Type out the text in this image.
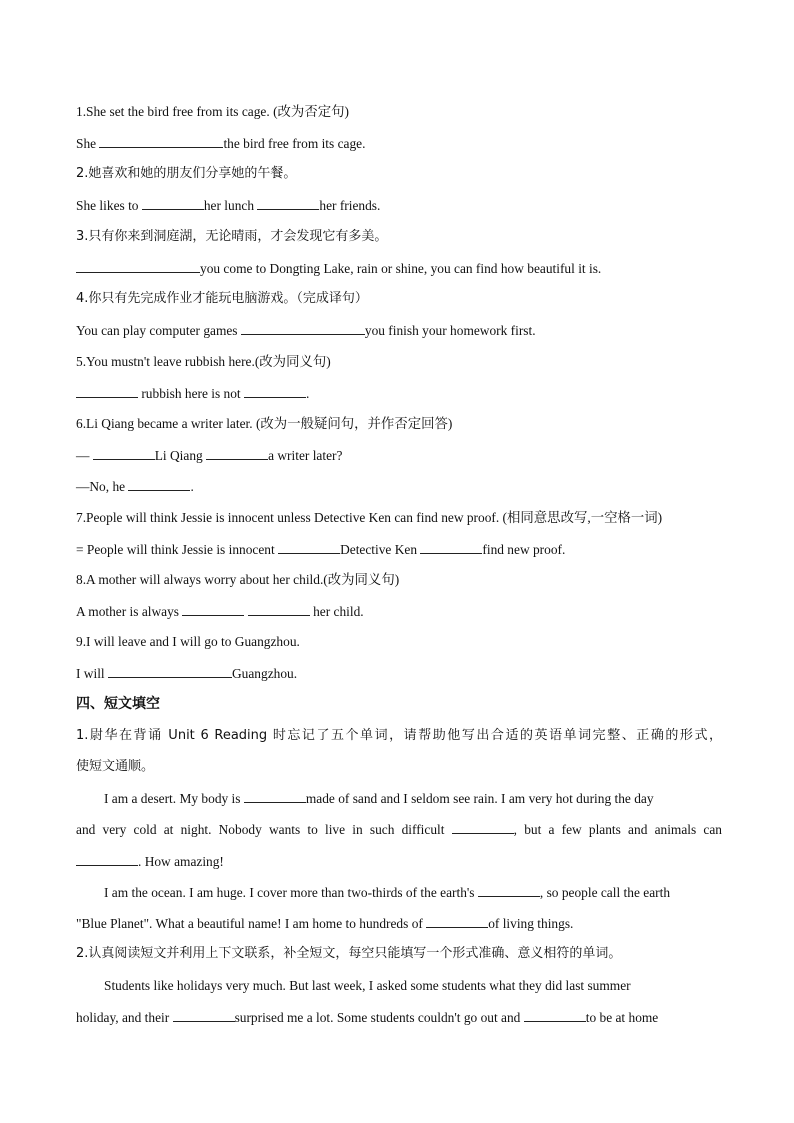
1.She set the bird free from its cage. (改为否定句)
She	the bird free from its cage.
2.她喜欢和她的朋友们分享她的午餐。
She likes to	her lunch	her friends.
3.只有你来到洞庭湖，无论晴雨，才会发现它有多美。
you come to Dongting Lake, rain or shine, you can find how beautiful it is.
4.你只有先完成作业才能玩电脑游戏。（完成译句）
You can play computer games	you finish your homework first.
5.You mustn't leave rubbish here.(改为同义句)
rubbish here is not	.
6.Li Qiang became a writer later. (改为一般疑问句，并作否定回答)
—	Li Qiang	a writer later?
—No, he	.
7.People will think Jessie is innocent unless Detective Ken can find new proof. (相同意思改写,一空格一词)
= People will think Jessie is innocent	Detective Ken	find new proof.
8.A mother will always worry about her child.(改为同义句)
A mother is always	her child.
9.I will leave and I will go to Guangzhou.
I will	Guangzhou.
四、短文填空
1.尉华在背诵 Unit 6 Reading 时忘记了五个单词，请帮助他写出合适的英语单词完整、正确的形式，
使短文通顺。
I am a desert. My body is	made of sand and I seldom see rain. I am very hot during the day
and very cold at night. Nobody wants to live in such difficult	, but a few plants and animals can
. How amazing!
I am the ocean. I am huge. I cover more than two-thirds of the earth's	, so people call the earth
"Blue Planet". What a beautiful name! I am home to hundreds of	of living things.
2.认真阅读短文并利用上下文联系，补全短文，每空只能填写一个形式准确、意义相符的单词。
Students like holidays very much. But last week, I asked some students what they did last summer
holiday, and their	surprised me a lot. Some students couldn't go out and	to be at home
